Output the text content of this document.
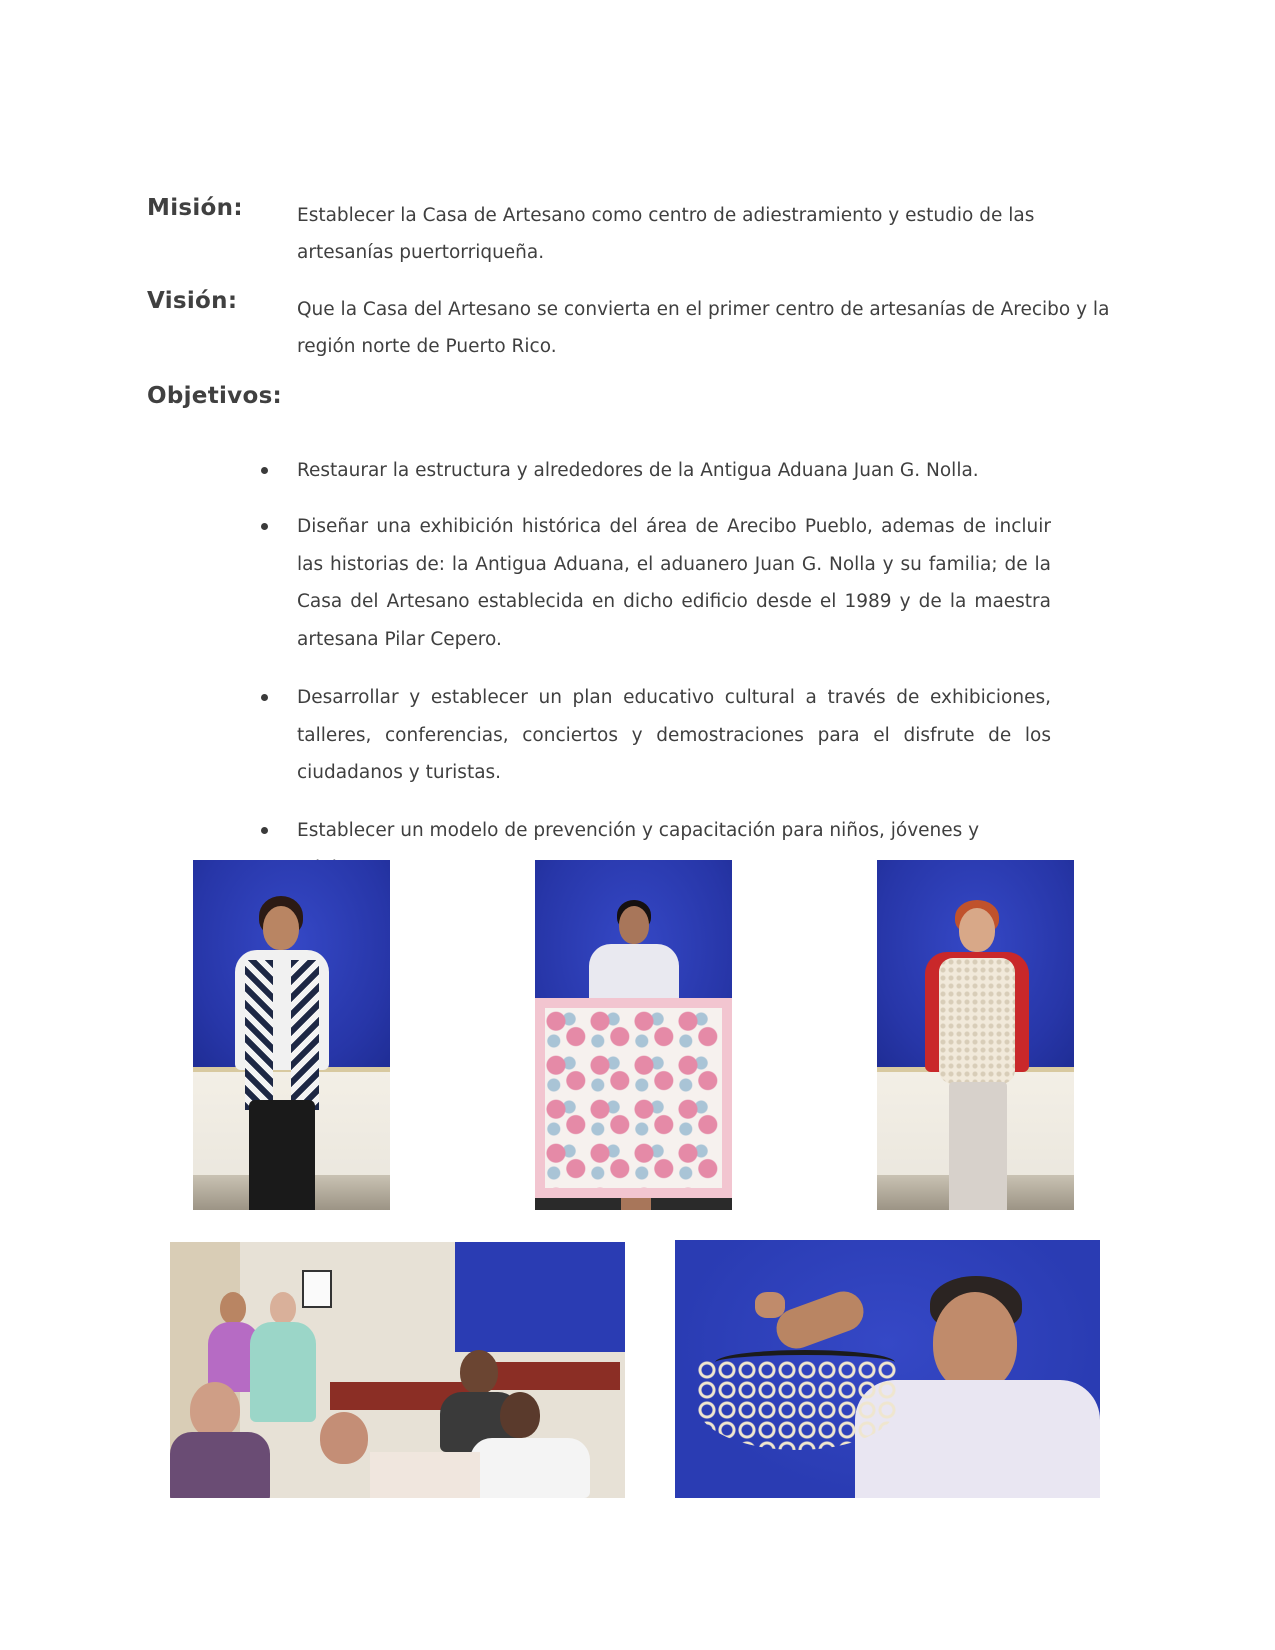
Misión:	Establecer la Casa de Artesano como centro de adiestramiento y estudio de las
artesanías puertorriqueña.

Visión:	Que la Casa del Artesano se convierta en el primer centro de artesanías de Arecibo y la
región norte de Puerto Rico.

Objetivos:
Restaurar la estructura y alrededores de la Antigua Aduana Juan G. Nolla.
Diseñar una exhibición histórica del área de Arecibo Pueblo, ademas de incluir las historias de: la Antigua Aduana, el aduanero Juan G. Nolla y su familia; de la Casa del Artesano establecida en dicho edificio desde el 1989 y de la maestra artesana Pilar Cepero.
Desarrollar y establecer un plan educativo cultural a través de exhibiciones, talleres, conferencias, conciertos y demostraciones para el disfrute de los ciudadanos y turistas.
Establecer un modelo de prevención y capacitación para niños, jóvenes y
